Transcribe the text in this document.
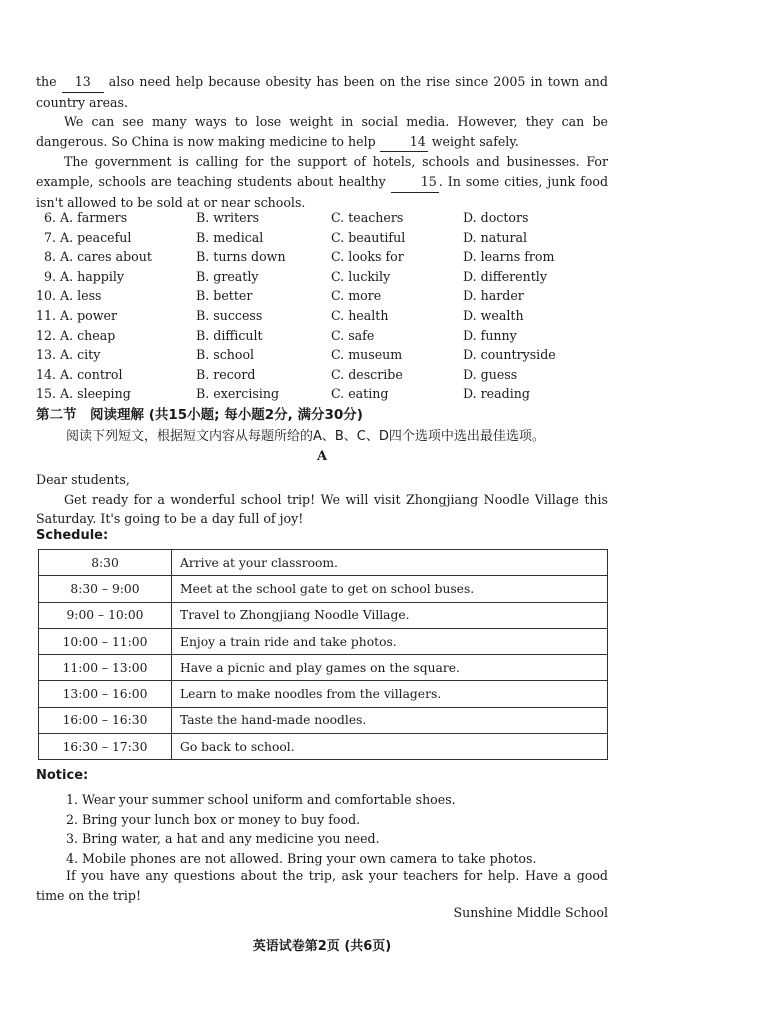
the 13 also need help because obesity has been on the rise since 2005 in town and country areas.

We can see many ways to lose weight in social media. However, they can be dangerous. So China is now making medicine to help 14 weight safely.

The government is calling for the support of hotels, schools and businesses. For example, schools are teaching students about healthy 15 . In some cities, junk food isn't allowed to be sold at or near schools.

6. A. farmers	B. writers	C. teachers	D. doctors
7. A. peaceful	B. medical	C. beautiful	D. natural
8. A. cares about	B. turns down	C. looks for	D. learns from
9. A. happily	B. greatly	C. luckily	D. differently
10. A. less	B. better	C. more	D. harder
11. A. power	B. success	C. health	D. wealth
12. A. cheap	B. difficult	C. safe	D. funny
13. A. city	B. school	C. museum	D. countryside
14. A. control	B. record	C. describe	D. guess
15. A. sleeping	B. exercising	C. eating	D. reading
第二节　阅读理解 (共15小题; 每小题2分, 满分30分)
阅读下列短文，根据短文内容从每题所给的A、B、C、D四个选项中选出最佳选项。
A

Dear students,

Get ready for a wonderful school trip! We will visit Zhongjiang Noodle Village this Saturday. It's going to be a day full of joy!

Schedule:
8:30	Arrive at your classroom.
8:30 – 9:00	Meet at the school gate to get on school buses.
9:00 – 10:00	Travel to Zhongjiang Noodle Village.
10:00 – 11:00	Enjoy a train ride and take photos.
11:00 – 13:00	Have a picnic and play games on the square.
13:00 – 16:00	Learn to make noodles from the villagers.
16:00 – 16:30	Taste the hand-made noodles.
16:30 – 17:30	Go back to school.
Notice:
1. Wear your summer school uniform and comfortable shoes.
2. Bring your lunch box or money to buy food.
3. Bring water, a hat and any medicine you need.
4. Mobile phones are not allowed. Bring your own camera to take photos.
If you have any questions about the trip, ask your teachers for help. Have a good time on the trip!
Sunshine Middle School
英语试卷第2页 (共6页)
